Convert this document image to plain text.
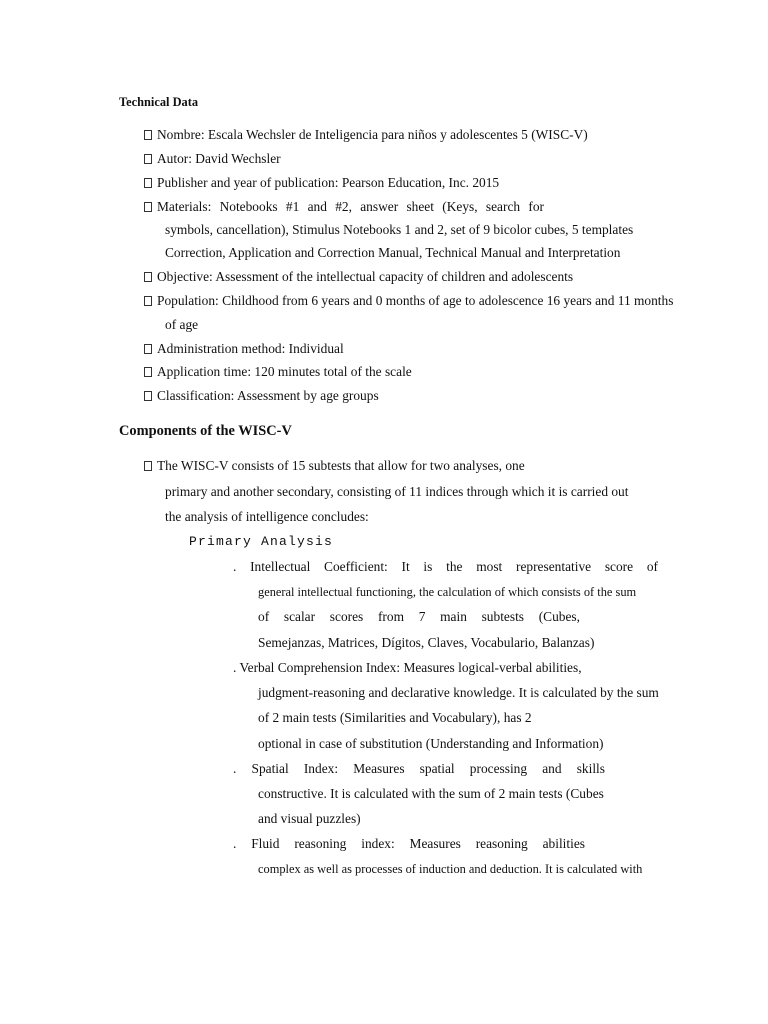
Technical Data

Nombre: Escala Wechsler de Inteligencia para niños y adolescentes 5 (WISC-V)

Autor: David Wechsler

Publisher and year of publication: Pearson Education, Inc. 2015

Materials: Notebooks #1 and #2, answer sheet (Keys, search for

symbols, cancellation), Stimulus Notebooks 1 and 2, set of 9 bicolor cubes, 5 templates

Correction, Application and Correction Manual, Technical Manual and Interpretation

Objective: Assessment of the intellectual capacity of children and adolescents

Population: Childhood from 6 years and 0 months of age to adolescence 16 years and 11 months

of age

Administration method: Individual

Application time: 120 minutes total of the scale

Classification: Assessment by age groups

Components of the WISC-V

The WISC-V consists of 15 subtests that allow for two analyses, one

primary and another secondary, consisting of 11 indices through which it is carried out

the analysis of intelligence concludes:

Primary Analysis

. Intellectual Coefficient: It is the most representative score of

general intellectual functioning, the calculation of which consists of the sum

of scalar scores from 7 main subtests (Cubes,

Semejanzas, Matrices, Dígitos, Claves, Vocabulario, Balanzas)

. Verbal Comprehension Index: Measures logical-verbal abilities,

judgment-reasoning and declarative knowledge. It is calculated by the sum

of 2 main tests (Similarities and Vocabulary), has 2

optional in case of substitution (Understanding and Information)

. Spatial Index: Measures spatial processing and skills

constructive. It is calculated with the sum of 2 main tests (Cubes

and visual puzzles)

. Fluid reasoning index: Measures reasoning abilities

complex as well as processes of induction and deduction. It is calculated with
